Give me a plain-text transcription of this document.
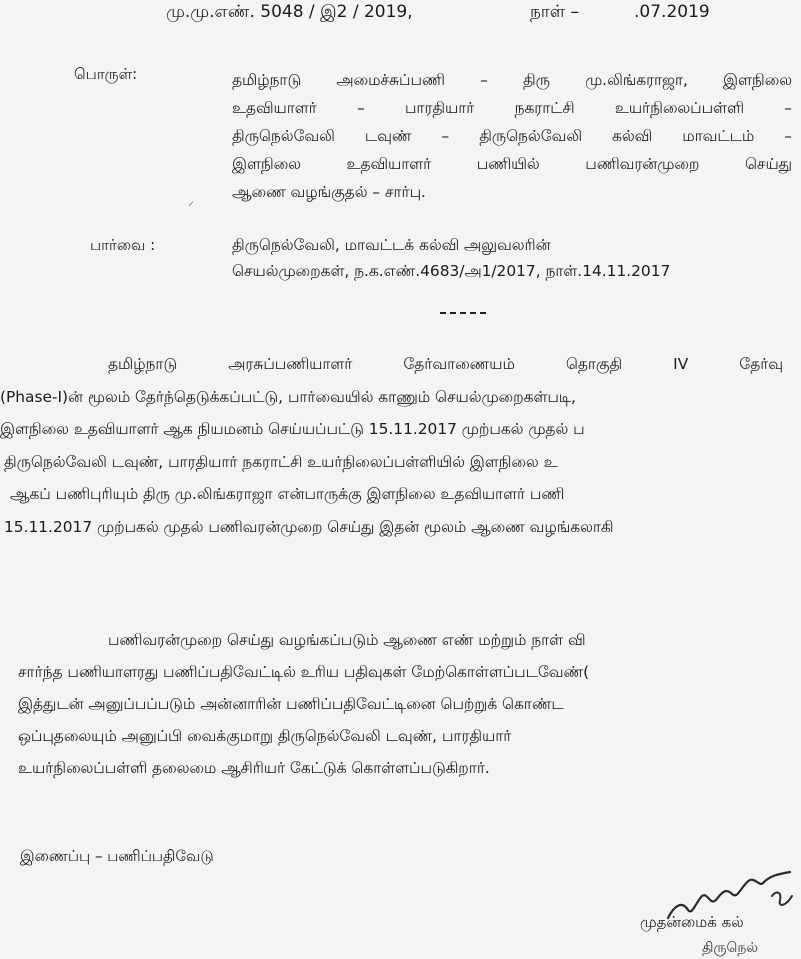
மு.மு.எண். 5048 / இ2 / 2019,	நாள் –	.07.2019
பொருள்:	தமிழ்நாடு அமைச்சுப்பணி – திரு மு.லிங்கராஜா, இளநிலை
உதவியாளர் – பாரதியார் நகராட்சி உயர்நிலைப்பள்ளி –
திருநெல்வேலி டவுண் – திருநெல்வேலி கல்வி மாவட்டம் –
இளநிலை உதவியாளர் பணியில் பணிவரன்முறை செய்து
ஆணை வழங்குதல் – சார்பு.
⸝
பார்வை :	திருநெல்வேலி, மாவட்டக் கல்வி அலுவலரின்
செயல்முறைகள், ந.க.எண்.4683/அ1/2017, நாள்.14.11.2017
தமிழ்நாடு அரசுப்பணியாளர் தேர்வாணையம் தொகுதி IV தேர்வு
(Phase-I)ன் மூலம் தேர்ந்தெடுக்கப்பட்டு, பார்வையில் காணும் செயல்முறைகள்படி,
இளநிலை உதவியாளர் ஆக நியமனம் செய்யப்பட்டு 15.11.2017 முற்பகல் முதல் ப
திருநெல்வேலி டவுண், பாரதியார் நகராட்சி உயர்நிலைப்பள்ளியில் இளநிலை உ
ஆகப் பணிபுரியும் திரு மு.லிங்கராஜா என்பாருக்கு இளநிலை உதவியாளர் பணி
15.11.2017 முற்பகல் முதல் பணிவரன்முறை செய்து இதன் மூலம் ஆணை வழங்கலாகி
பணிவரன்முறை செய்து வழங்கப்படும் ஆணை எண் மற்றும் நாள் வி
சார்ந்த பணியாளரது பணிப்பதிவேட்டில் உரிய பதிவுகள் மேற்கொள்ளப்படவேண்(
இத்துடன் அனுப்பப்படும் அன்னாரின் பணிப்பதிவேட்டினை பெற்றுக் கொண்ட
ஒப்புதலையும் அனுப்பி வைக்குமாறு திருநெல்வேலி டவுண், பாரதியார்
உயர்நிலைப்பள்ளி தலைமை ஆசிரியர் கேட்டுக் கொள்ளப்படுகிறார்.
இணைப்பு – பணிப்பதிவேடு
முதன்மைக் கல்
திருநெல்
